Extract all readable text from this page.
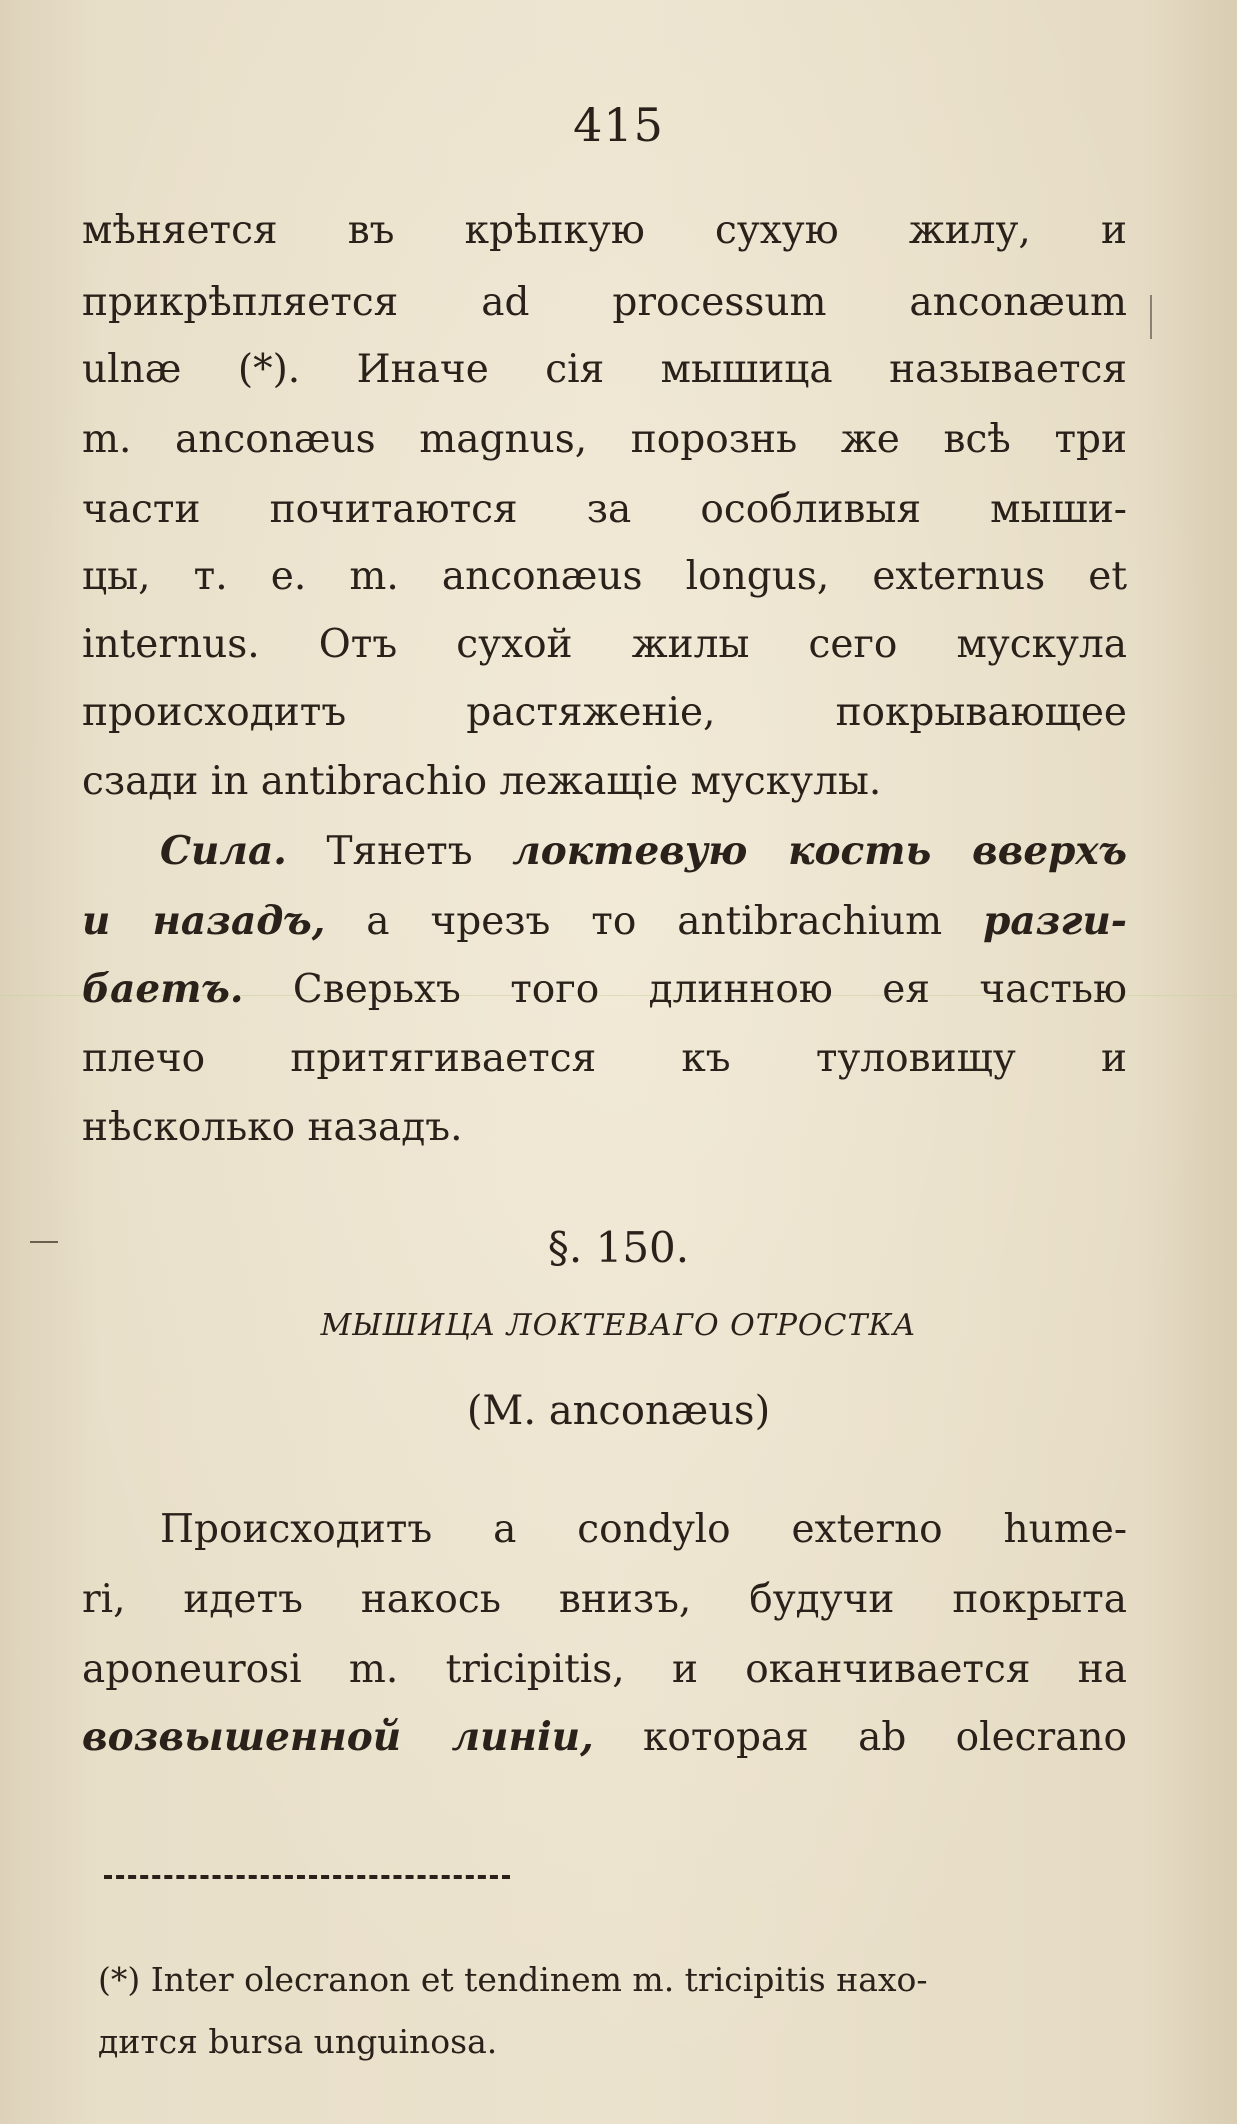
415
мѣняется въ крѣпкую сухую жилу, и
прикрѣпляется ad processum anconæum
ulnæ (*). Иначе сія мышица называется
m. anconæus magnus, порознь же всѣ три
части почитаются за особливыя мыши-
цы, т. е. m. anconæus longus, externus et
internus. Отъ сухой жилы сего мускула
происходитъ растяженіе, покрывающее
сзади in antibrachio лежащіе мускулы.
Сила. Тянетъ локтевую кость вверхъ
и назадъ, а чрезъ то antibrachium разги-
баетъ. Сверьхъ того длинною ея частью
плечо притягивается къ туловищу и
нѣсколько назадъ.
§. 150.
МЫШИЦА ЛОКТЕВАГО ОТРОСТКА
(M. anconæus)
Происходитъ a condylo externo hume-
ri, идетъ накось внизъ, будучи покрыта
aponeurosi m. tricipitis, и оканчивается на
возвышенной линіи, которая ab olecrano
(*) Inter olecranon et tendinem m. tricipitis нахо-
дится bursa unguinosa.
